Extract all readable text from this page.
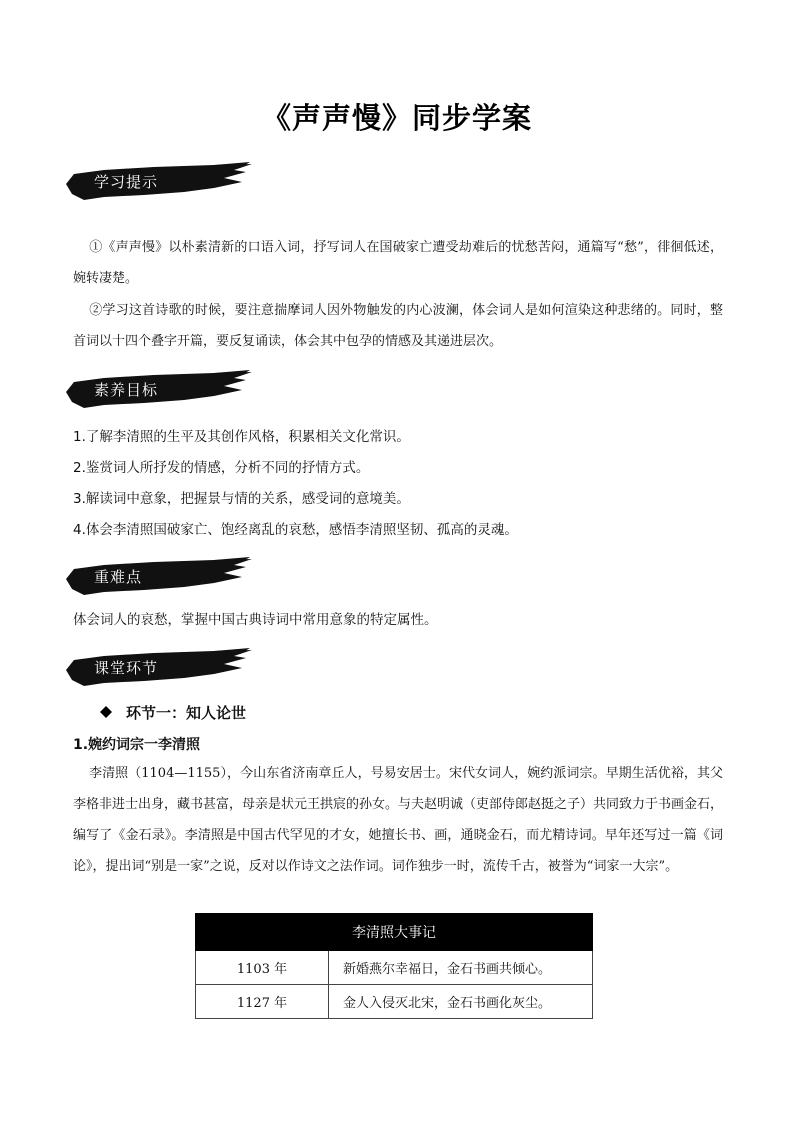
《声声慢》同步学案
学习提示
①《声声慢》以朴素清新的口语入词，抒写词人在国破家亡遭受劫难后的忧愁苦闷，通篇写“愁”，徘徊低述，婉转凄楚。
②学习这首诗歌的时候，要注意揣摩词人因外物触发的内心波澜，体会词人是如何渲染这种悲绪的。同时，整首词以十四个叠字开篇，要反复诵读，体会其中包孕的情感及其递进层次。
素养目标
1.了解李清照的生平及其创作风格，积累相关文化常识。
2.鉴赏词人所抒发的情感，分析不同的抒情方式。
3.解读词中意象，把握景与情的关系，感受词的意境美。
4.体会李清照国破家亡、饱经离乱的哀愁，感悟李清照坚韧、孤高的灵魂。
重难点
体会词人的哀愁，掌握中国古典诗词中常用意象的特定属性。
课堂环节
环节一：知人论世
1.婉约词宗一李清照
李清照（1104—1155），今山东省济南章丘人，号易安居士。宋代女词人，婉约派词宗。早期生活优裕，其父李格非进士出身，藏书甚富，母亲是状元王拱宸的孙女。与夫赵明诚（吏部侍郎赵挺之子）共同致力于书画金石，编写了《金石录》。李清照是中国古代罕见的才女，她擅长书、画，通晓金石，而尤精诗词。早年还写过一篇《词论》，提出词“别是一家”之说，反对以作诗文之法作词。词作独步一时，流传千古，被誉为“词家一大宗”。
李清照大事记	
1103 年	新婚燕尔幸福日，金石书画共倾心。
1127 年	金人入侵灭北宋，金石书画化灰尘。
